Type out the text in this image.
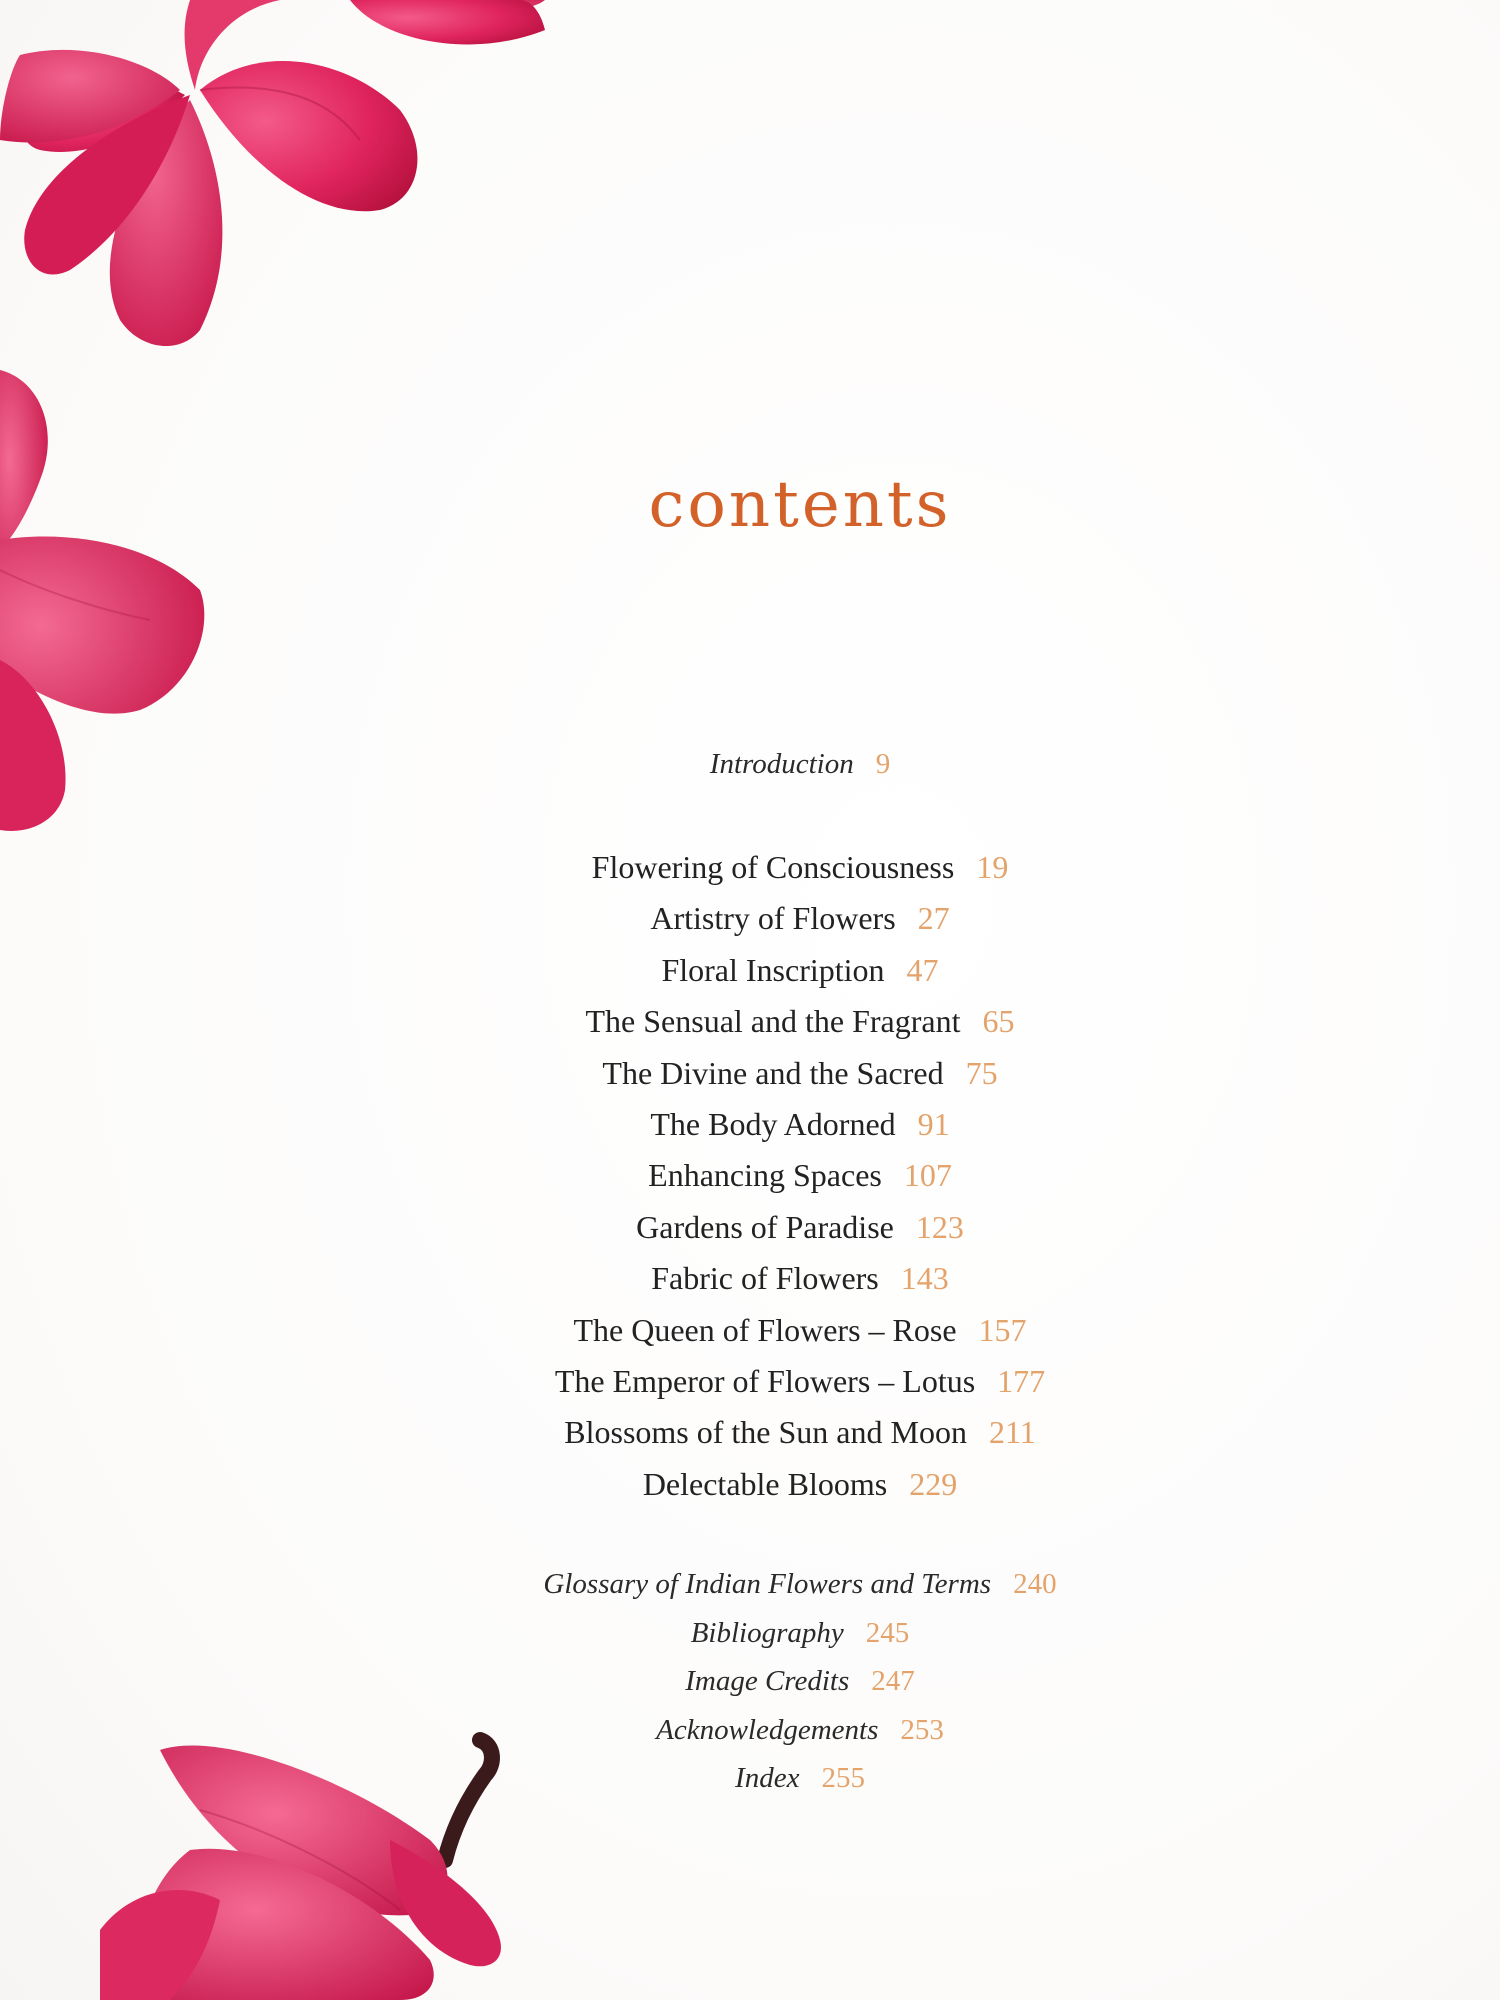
contents
Introduction 9
Flowering of Consciousness 19
Artistry of Flowers 27
Floral Inscription 47
The Sensual and the Fragrant 65
The Divine and the Sacred 75
The Body Adorned 91
Enhancing Spaces 107
Gardens of Paradise 123
Fabric of Flowers 143
The Queen of Flowers – Rose 157
The Emperor of Flowers – Lotus 177
Blossoms of the Sun and Moon 211
Delectable Blooms 229
Glossary of Indian Flowers and Terms 240
Bibliography 245
Image Credits 247
Acknowledgements 253
Index 255
